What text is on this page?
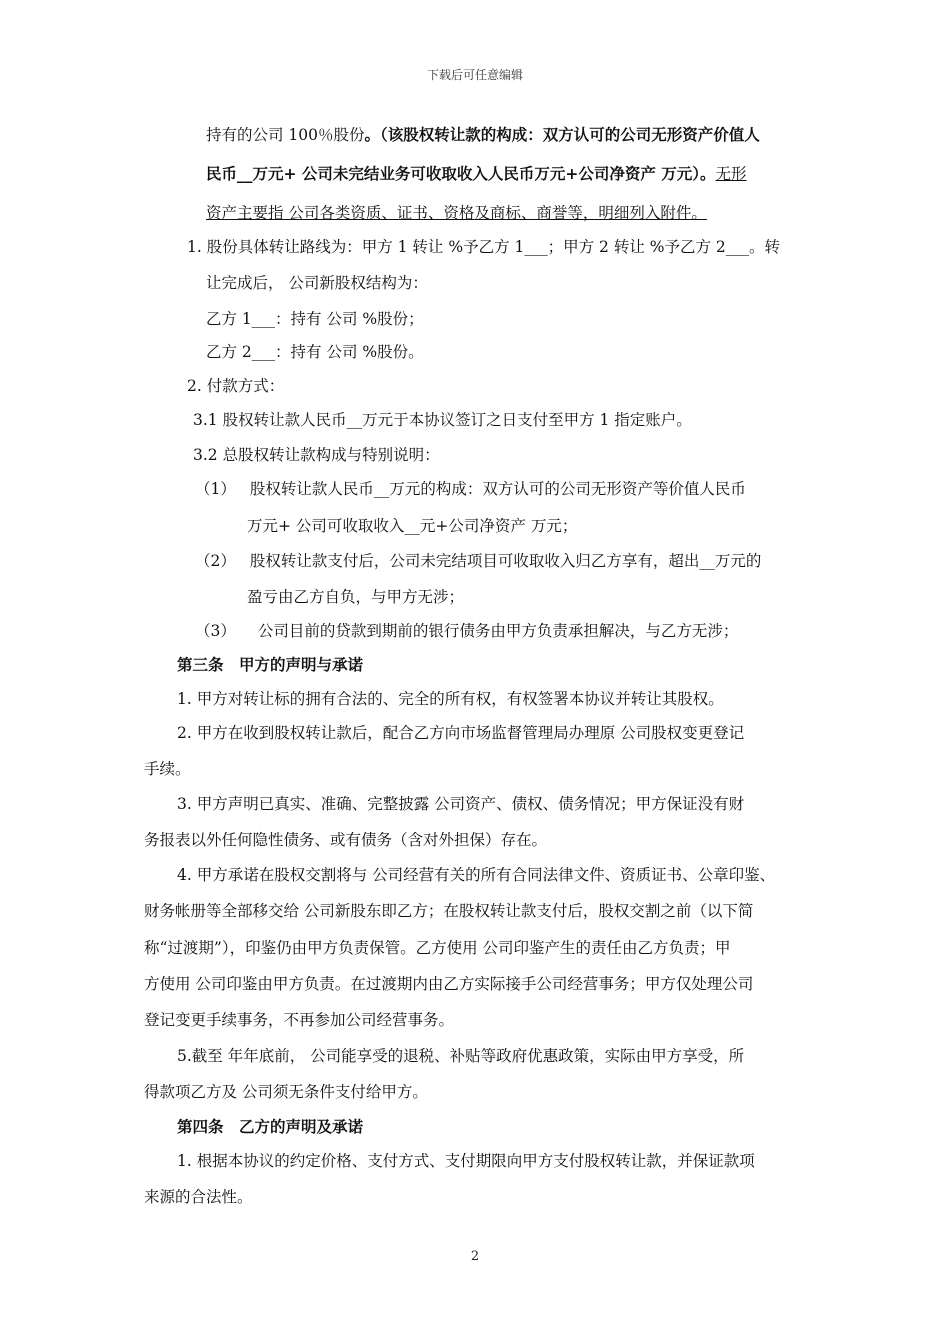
下载后可任意编辑
持有的公司 100％股份。（该股权转让款的构成：双方认可的公司无形资产价值人
民币__万元+ 公司未完结业务可收取收入人民币万元+公司净资产 万元）。无形
资产主要指 公司各类资质、证书、资格及商标、商誉等，明细列入附件。
1. 股份具体转让路线为：甲方 1 转让 %予乙方 1___；甲方 2 转让 %予乙方 2___。转
让完成后， 公司新股权结构为：
乙方 1___：持有 公司 %股份；
乙方 2___：持有 公司 %股份。
2. 付款方式：
3.1 股权转让款人民币__万元于本协议签订之日支付至甲方 1 指定账户。
3.2 总股权转让款构成与特别说明：
（1） 股权转让款人民币__万元的构成：双方认可的公司无形资产等价值人民币
万元+ 公司可收取收入__元+公司净资产 万元；
（2） 股权转让款支付后，公司未完结项目可收取收入归乙方享有，超出__万元的
盈亏由乙方自负，与甲方无涉；
（3） 公司目前的贷款到期前的银行债务由甲方负责承担解决，与乙方无涉；
第三条　甲方的声明与承诺
1. 甲方对转让标的拥有合法的、完全的所有权，有权签署本协议并转让其股权。
2. 甲方在收到股权转让款后，配合乙方向市场监督管理局办理原 公司股权变更登记
手续。
3. 甲方声明已真实、准确、完整披露 公司资产、债权、债务情况；甲方保证没有财
务报表以外任何隐性债务、或有债务（含对外担保）存在。
4. 甲方承诺在股权交割将与 公司经营有关的所有合同法律文件、资质证书、公章印鉴、
财务帐册等全部移交给 公司新股东即乙方；在股权转让款支付后，股权交割之前（以下简
称“过渡期”），印鉴仍由甲方负责保管。乙方使用 公司印鉴产生的责任由乙方负责；甲
方使用 公司印鉴由甲方负责。在过渡期内由乙方实际接手公司经营事务；甲方仅处理公司
登记变更手续事务，不再参加公司经营事务。
5.截至 年年底前， 公司能享受的退税、补贴等政府优惠政策，实际由甲方享受，所
得款项乙方及 公司须无条件支付给甲方。
第四条　乙方的声明及承诺
1. 根据本协议的约定价格、支付方式、支付期限向甲方支付股权转让款，并保证款项
来源的合法性。
2
